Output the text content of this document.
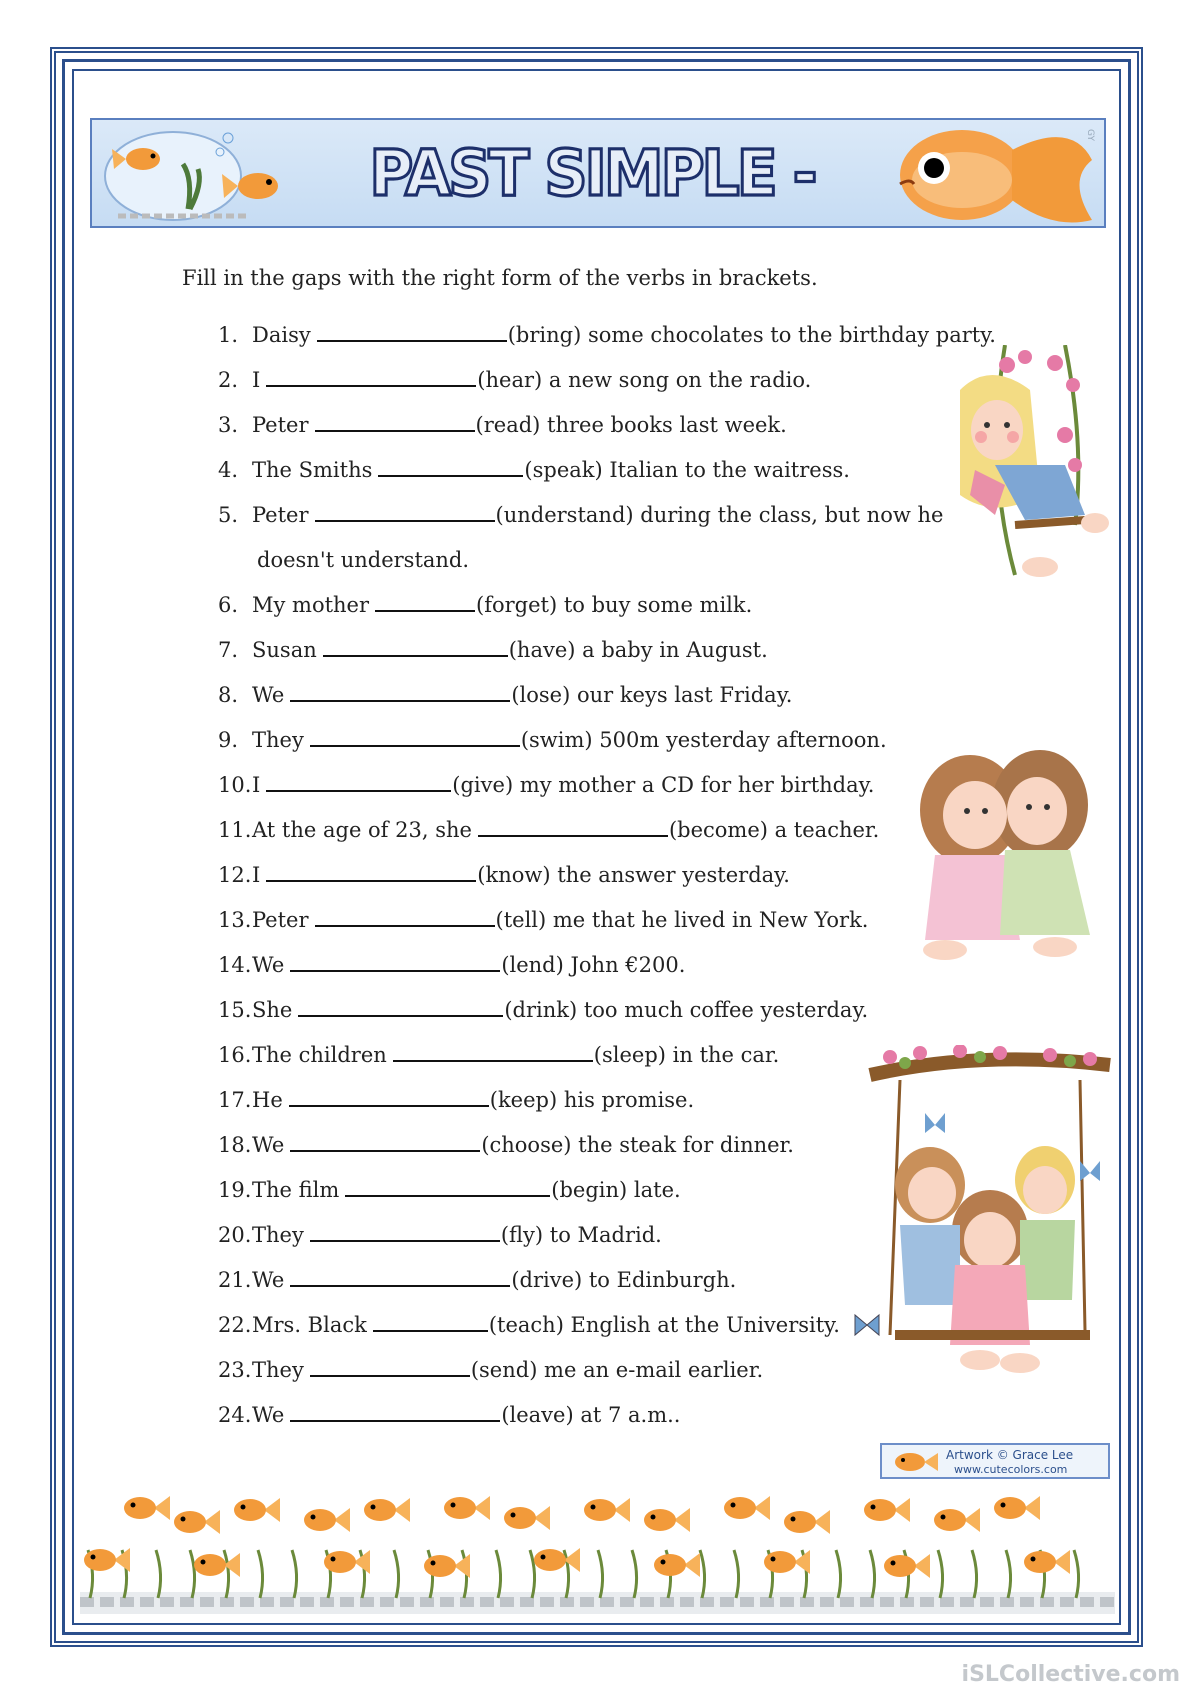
PAST SIMPLE -
GY
Fill in the gaps with the right form of the verbs in brackets.
1. Daisy	(bring) some chocolates to the birthday party.
2. I	(hear) a new song on the radio.
3. Peter	(read) three books last week.
4. The Smiths	(speak) Italian to the waitress.
5. Peter	(understand) during the class, but now he
6. My mother	(forget) to buy some milk.
7. Susan	(have) a baby in August.
8. We	(lose) our keys last Friday.
9. They	(swim) 500m yesterday afternoon.
10.I	(give) my mother a CD for her birthday.
11.At the age of 23, she	(become) a teacher.
12.I	(know) the answer yesterday.
13.Peter	(tell) me that he lived in New York.
14.We	(lend) John €200.
15.She	(drink) too much coffee yesterday.
16.The children	(sleep) in the car.
17.He	(keep) his promise.
18.We	(choose) the steak for dinner.
19.The film	(begin) late.
20.They	(fly) to Madrid.
21.We	(drive) to Edinburgh.
22.Mrs. Black	(teach) English at the University.
23.They	(send) me an e-mail earlier.
24.We	(leave) at 7 a.m..
doesn't understand.
Artwork © Grace Lee
www.cutecolors.com
iSLCollective.com
